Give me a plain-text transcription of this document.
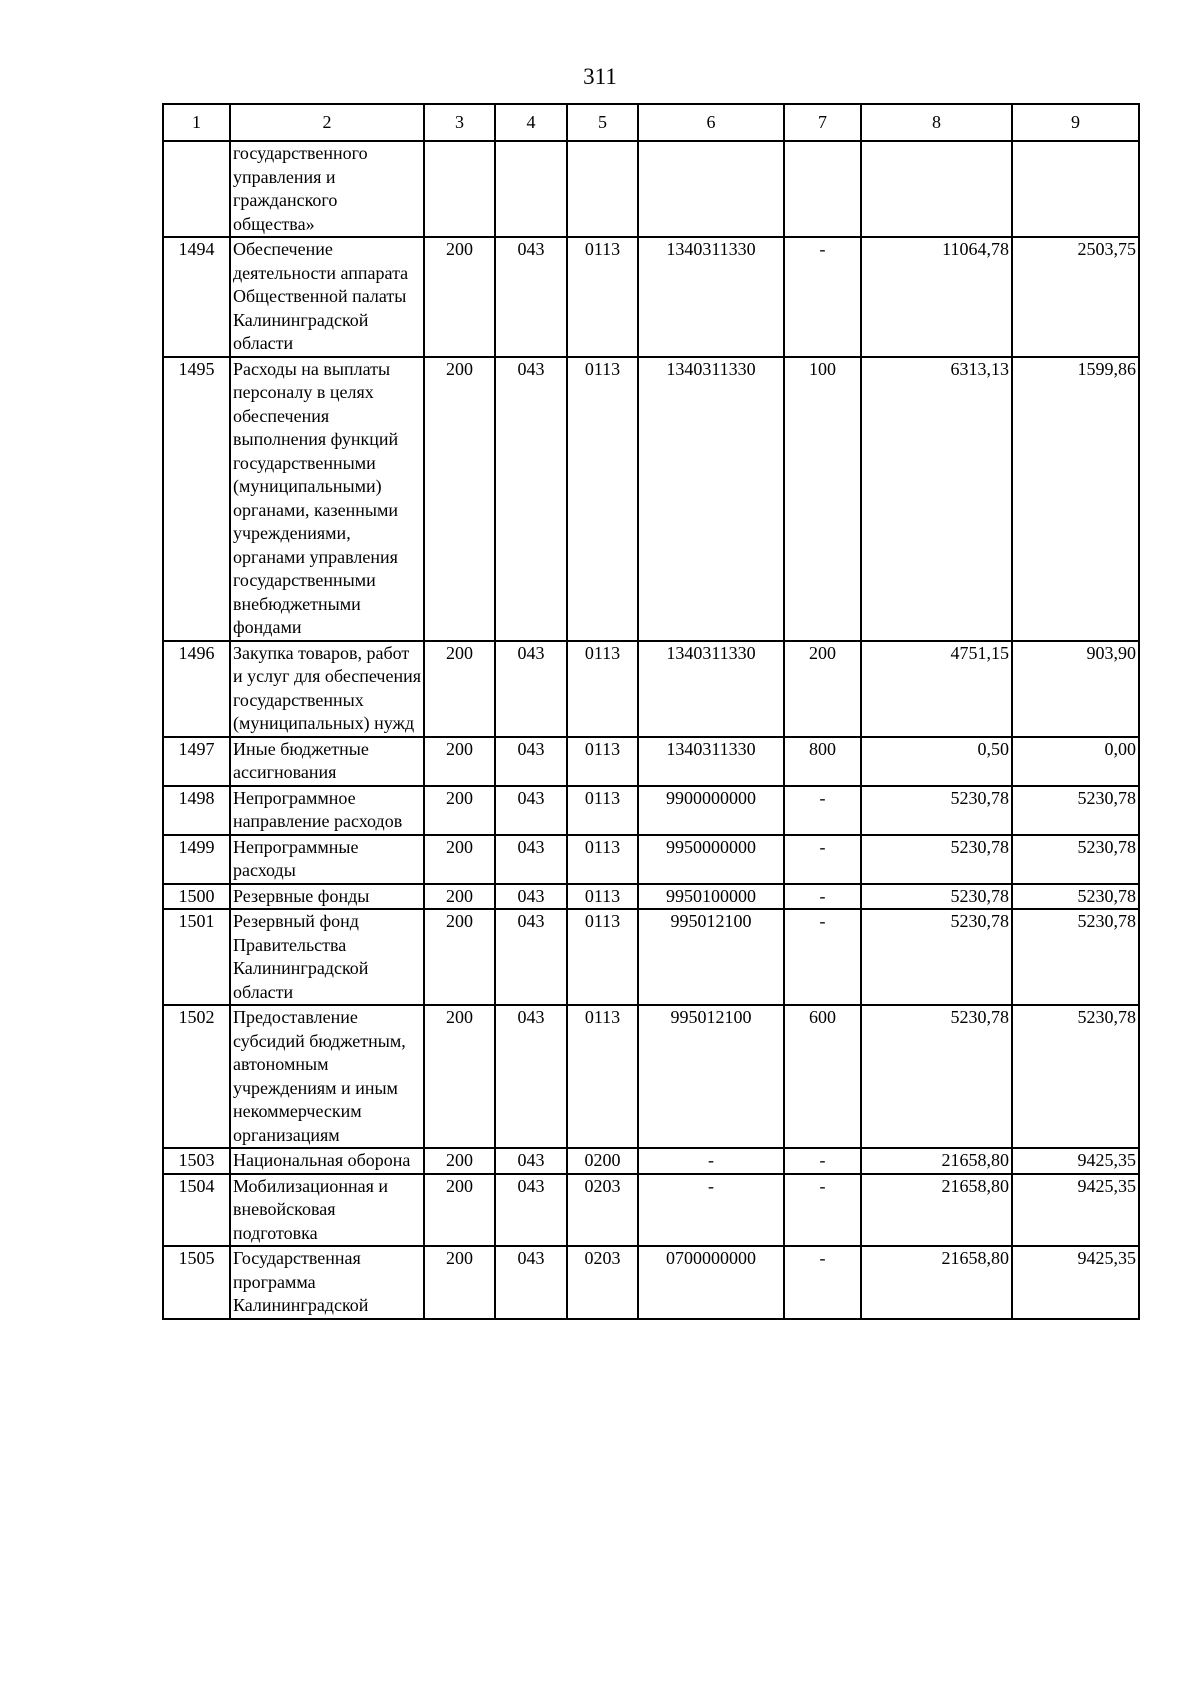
311
1	2	3	4	5	6	7	8	9
	государственного управления и гражданского общества»							
1494	Обеспечение деятельности аппарата Общественной палаты Калининградской области	200	043	0113	1340311330	-	11064,78	2503,75
1495	Расходы на выплаты персоналу в целях обеспечения выполнения функций государственными (муниципальными) органами, казенными учреждениями, органами управления государственными внебюджетными фондами	200	043	0113	1340311330	100	6313,13	1599,86
1496	Закупка товаров, работ и услуг для обеспечения государственных (муниципальных) нужд	200	043	0113	1340311330	200	4751,15	903,90
1497	Иные бюджетные ассигнования	200	043	0113	1340311330	800	0,50	0,00
1498	Непрограммное направление расходов	200	043	0113	9900000000	-	5230,78	5230,78
1499	Непрограммные расходы	200	043	0113	9950000000	-	5230,78	5230,78
1500	Резервные фонды	200	043	0113	9950100000	-	5230,78	5230,78
1501	Резервный фонд Правительства Калининградской области	200	043	0113	995012100	-	5230,78	5230,78
1502	Предоставление субсидий бюджетным, автономным учреждениям и иным некоммерческим организациям	200	043	0113	995012100	600	5230,78	5230,78
1503	Национальная оборона	200	043	0200	-	-	21658,80	9425,35
1504	Мобилизационная и вневойсковая подготовка	200	043	0203	-	-	21658,80	9425,35
1505	Государственная программа Калининградской	200	043	0203	0700000000	-	21658,80	9425,35
